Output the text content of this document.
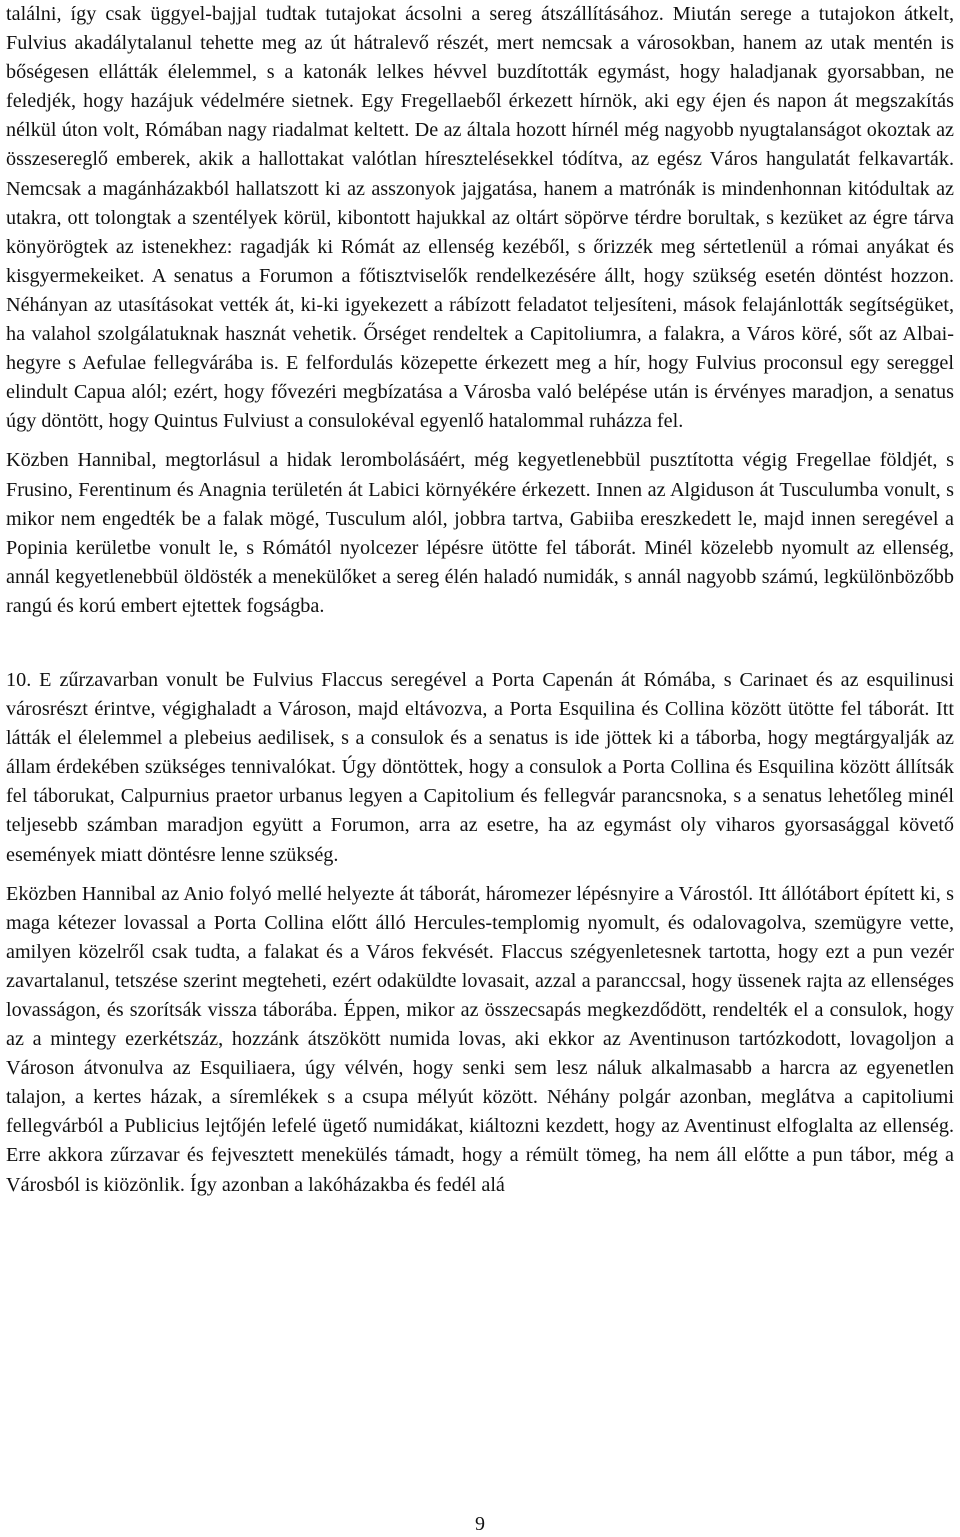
találni, így csak üggyel-bajjal tudtak tutajokat ácsolni a sereg átszállításához. Miután serege a tutajokon átkelt, Fulvius akadálytalanul tehette meg az út hátralevő részét, mert nemcsak a városokban, hanem az utak mentén is bőségesen ellátták élelemmel, s a katonák lelkes hévvel buzdították egymást, hogy haladjanak gyorsabban, ne feledjék, hogy hazájuk védelmére sietnek. Egy Fregellaeből érkezett hírnök, aki egy éjen és napon át megszakítás nélkül úton volt, Rómában nagy riadalmat keltett. De az általa hozott hírnél még nagyobb nyugtalanságot okoztak az összesereglő emberek, akik a hallottakat valótlan híresztelésekkel tódítva, az egész Város hangulatát felkavarták. Nemcsak a magánházakból hallatszott ki az asszonyok jajgatása, hanem a matrónák is mindenhonnan kitódultak az utakra, ott tolongtak a szentélyek körül, kibontott hajukkal az oltárt söpörve térdre borultak, s kezüket az égre tárva könyörögtek az istenekhez: ragadják ki Rómát az ellenség kezéből, s őrizzék meg sértetlenül a római anyákat és kisgyermekeiket. A senatus a Forumon a főtisztviselők rendelkezésére állt, hogy szükség esetén döntést hozzon. Néhányan az utasításokat vették át, ki-ki igyekezett a rábízott feladatot teljesíteni, mások felajánlották segítségüket, ha valahol szolgálatuknak hasznát vehetik. Őrséget rendeltek a Capitoliumra, a falakra, a Város köré, sőt az Albai-hegyre s Aefulae fellegvárába is. E felfordulás közepette érkezett meg a hír, hogy Fulvius proconsul egy sereggel elindult Capua alól; ezért, hogy fővezéri megbízatása a Városba való belépése után is érvényes maradjon, a senatus úgy döntött, hogy Quintus Fulviust a consulokéval egyenlő hatalommal ruházza fel.

Közben Hannibal, megtorlásul a hidak lerombolásáért, még kegyetlenebbül pusztította végig Fregellae földjét, s Frusino, Ferentinum és Anagnia területén át Labici környékére érkezett. Innen az Algiduson át Tusculumba vonult, s mikor nem engedték be a falak mögé, Tusculum alól, jobbra tartva, Gabiiba ereszkedett le, majd innen seregével a Popinia kerületbe vonult le, s Rómától nyolcezer lépésre ütötte fel táborát. Minél közelebb nyomult az ellenség, annál kegyetlenebbül öldösték a menekülőket a sereg élén haladó numidák, s annál nagyobb számú, legkülönbözőbb rangú és korú embert ejtettek fogságba.

10. E zűrzavarban vonult be Fulvius Flaccus seregével a Porta Capenán át Rómába, s Carinaet és az esquilinusi városrészt érintve, végighaladt a Városon, majd eltávozva, a Porta Esquilina és Collina között ütötte fel táborát. Itt látták el élelemmel a plebeius aedilisek, s a consulok és a senatus is ide jöttek ki a táborba, hogy megtárgyalják az állam érdekében szükséges tennivalókat. Úgy döntöttek, hogy a consulok a Porta Collina és Esquilina között állítsák fel táborukat, Calpurnius praetor urbanus legyen a Capitolium és fellegvár parancsnoka, s a senatus lehetőleg minél teljesebb számban maradjon együtt a Forumon, arra az esetre, ha az egymást oly viharos gyorsasággal követő események miatt döntésre lenne szükség.

Eközben Hannibal az Anio folyó mellé helyezte át táborát, háromezer lépésnyire a Várostól. Itt állótábort épített ki, s maga kétezer lovassal a Porta Collina előtt álló Hercules-templomig nyomult, és odalovagolva, szemügyre vette, amilyen közelről csak tudta, a falakat és a Város fekvését. Flaccus szégyenletesnek tartotta, hogy ezt a pun vezér zavartalanul, tetszése szerint megteheti, ezért odaküldte lovasait, azzal a paranccsal, hogy üssenek rajta az ellenséges lovasságon, és szorítsák vissza táborába. Éppen, mikor az összecsapás megkezdődött, rendelték el a consulok, hogy az a mintegy ezerkétszáz, hozzánk átszökött numida lovas, aki ekkor az Aventinuson tartózkodott, lovagoljon a Városon átvonulva az Esquiliaera, úgy vélvén, hogy senki sem lesz náluk alkalmasabb a harcra az egyenetlen talajon, a kertes házak, a síremlékek s a csupa mélyút között. Néhány polgár azonban, meglátva a capitoliumi fellegvárból a Publicius lejtőjén lefelé ügető numidákat, kiáltozni kezdett, hogy az Aventinust elfoglalta az ellenség. Erre akkora zűrzavar és fejvesztett menekülés támadt, hogy a rémült tömeg, ha nem áll előtte a pun tábor, még a Városból is kiözönlik. Így azonban a lakóházakba és fedél alá

9
